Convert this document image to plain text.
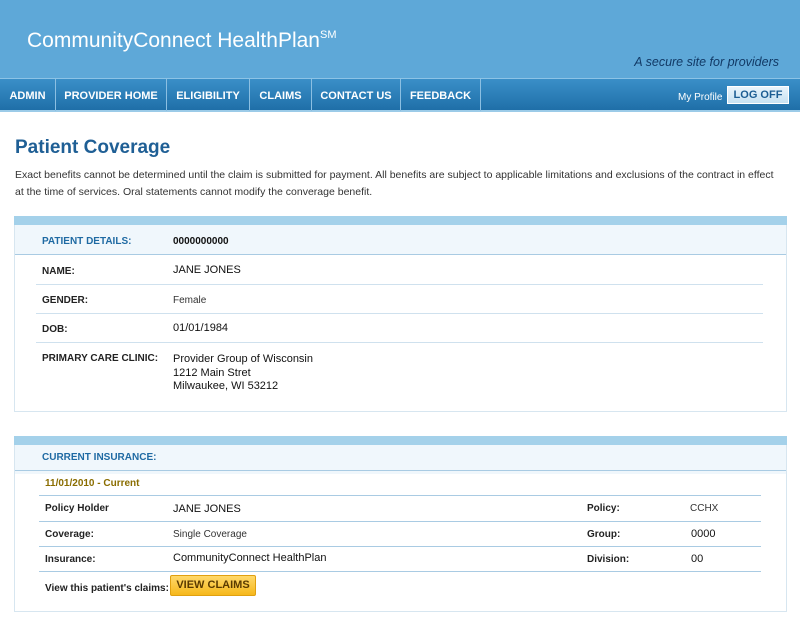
CommunityConnect HealthPlan℠
A secure site for providers
ADMIN	PROVIDER HOME	ELIGIBILITY	CLAIMS	CONTACT US	FEEDBACK	My Profile	LOG OFF
Patient Coverage
Exact benefits cannot be determined until the claim is submitted for payment. All benefits are subject to applicable limitations and exclusions of the contract in effect at the time of services. Oral statements cannot modify the converage benefit.
PATIENT DETAILS:	0000000000
NAME:	JANE JONES
GENDER:	Female
DOB:	01/01/1984
PRIMARY CARE CLINIC: Provider Group of Wisconsin
1212 Main Stret
Milwaukee, WI 53212
CURRENT INSURANCE:
11/01/2010 - Current
Policy Holder	JANE JONES	Policy:	CCHX
Coverage:	Single Coverage	Group:	0000
Insurance:	CommunityConnect HealthPlan	Division:	00
View this patient's claims: VIEW CLAIMS
